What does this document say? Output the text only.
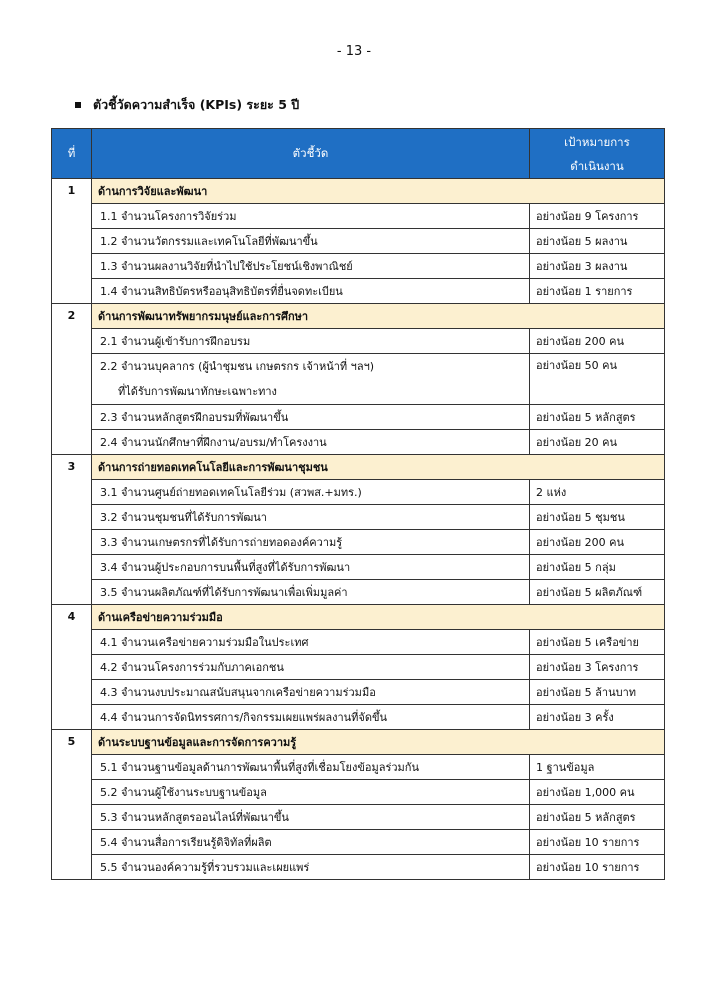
- 13 -
ตัวชี้วัดความสำเร็จ (KPIs) ระยะ 5 ปี
ที่	ตัวชี้วัด	เป้าหมายการ
ดำเนินงาน

1	ด้านการวิจัยและพัฒนา	
	1.1 จำนวนโครงการวิจัยร่วม	อย่างน้อย 9 โครงการ
	1.2 จำนวนวัตกรรมและเทคโนโลยีที่พัฒนาขึ้น	อย่างน้อย 5 ผลงาน
	1.3 จำนวนผลงานวิจัยที่นำไปใช้ประโยชน์เชิงพาณิชย์	อย่างน้อย 3 ผลงาน
	1.4 จำนวนสิทธิบัตรหรืออนุสิทธิบัตรที่ยื่นจดทะเบียน	อย่างน้อย 1 รายการ
2	ด้านการพัฒนาทรัพยากรมนุษย์และการศึกษา	
	2.1 จำนวนผู้เข้ารับการฝึกอบรม	อย่างน้อย 200 คน

	2.2 จำนวนบุคลากร (ผู้นำชุมชน เกษตรกร เจ้าหน้าที่ ฯลฯ)
ที่ได้รับการพัฒนาทักษะเฉพาะทาง	อย่างน้อย 50 คน
	2.3 จำนวนหลักสูตรฝึกอบรมที่พัฒนาขึ้น	อย่างน้อย 5 หลักสูตร
	2.4 จำนวนนักศึกษาที่ฝึกงาน/อบรม/ทำโครงงาน	อย่างน้อย 20 คน
3	ด้านการถ่ายทอดเทคโนโลยีและการพัฒนาชุมชน	
	3.1 จำนวนศูนย์ถ่ายทอดเทคโนโลยีร่วม (สวพส.+มทร.)	2 แห่ง
	3.2 จำนวนชุมชนที่ได้รับการพัฒนา	อย่างน้อย 5 ชุมชน
	3.3 จำนวนเกษตรกรที่ได้รับการถ่ายทอดองค์ความรู้	อย่างน้อย 200 คน
	3.4 จำนวนผู้ประกอบการบนพื้นที่สูงที่ได้รับการพัฒนา	อย่างน้อย 5 กลุ่ม
	3.5 จำนวนผลิตภัณฑ์ที่ได้รับการพัฒนาเพื่อเพิ่มมูลค่า	อย่างน้อย 5 ผลิตภัณฑ์
4	ด้านเครือข่ายความร่วมมือ	
	4.1 จำนวนเครือข่ายความร่วมมือในประเทศ	อย่างน้อย 5 เครือข่าย
	4.2 จำนวนโครงการร่วมกับภาคเอกชน	อย่างน้อย 3 โครงการ
	4.3 จำนวนงบประมาณสนับสนุนจากเครือข่ายความร่วมมือ	อย่างน้อย 5 ล้านบาท
	4.4 จำนวนการจัดนิทรรศการ/กิจกรรมเผยแพร่ผลงานที่จัดขึ้น	อย่างน้อย 3 ครั้ง
5	ด้านระบบฐานข้อมูลและการจัดการความรู้	
	5.1 จำนวนฐานข้อมูลด้านการพัฒนาพื้นที่สูงที่เชื่อมโยงข้อมูลร่วมกัน	1 ฐานข้อมูล
	5.2 จำนวนผู้ใช้งานระบบฐานข้อมูล	อย่างน้อย 1,000 คน
	5.3 จำนวนหลักสูตรออนไลน์ที่พัฒนาขึ้น	อย่างน้อย 5 หลักสูตร
	5.4 จำนวนสื่อการเรียนรู้ดิจิทัลที่ผลิต	อย่างน้อย 10 รายการ
	5.5 จำนวนองค์ความรู้ที่รวบรวมและเผยแพร่	อย่างน้อย 10 รายการ
